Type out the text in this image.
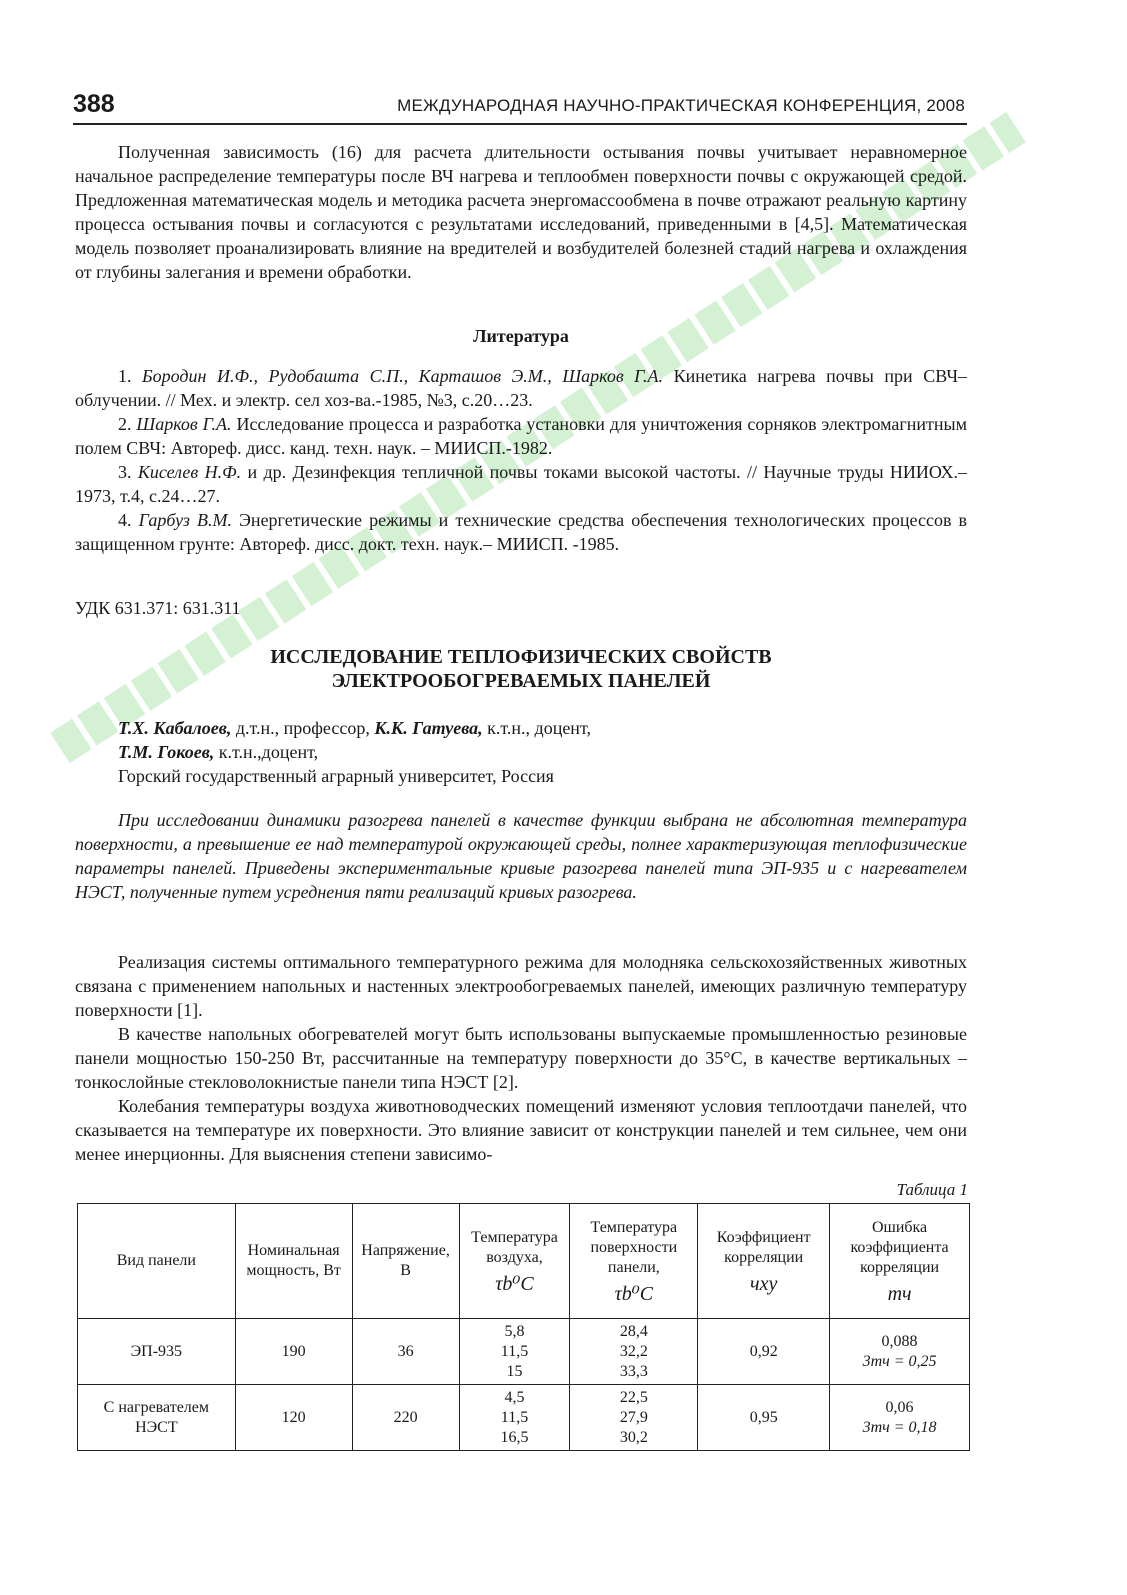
388	МЕЖДУНАРОДНАЯ НАУЧНО-ПРАКТИЧЕСКАЯ КОНФЕРЕНЦИЯ, 2008

Полученная зависимость (16) для расчета длительности остывания почвы учитывает неравномерное начальное распределение температуры после ВЧ нагрева и теплообмен поверхности почвы с окружающей средой. Предложенная математическая модель и методика расчета энергомассообмена в почве отражают реальную картину процесса остывания почвы и согласуются с результатами исследований, приведенными в [4,5]. Математическая модель позволяет проанализировать влияние на вредителей и возбудителей болезней стадий нагрева и охлаждения от глубины залегания и времени обработки.

Литература

1. Бородин И.Ф., Рудобашта С.П., Карташов Э.М., Шарков Г.А. Кинетика нагрева почвы при СВЧ– облучении. // Мех. и электр. сел хоз-ва.-1985, №3, с.20…23.

2. Шарков Г.А. Исследование процесса и разработка установки для уничтожения сорняков электромагнитным полем СВЧ: Автореф. дисс. канд. техн. наук. – МИИСП.-1982.

3. Киселев Н.Ф. и др. Дезинфекция тепличной почвы токами высокой частоты. // Научные труды НИИОХ.– 1973, т.4, с.24…27.

4. Гарбуз В.М. Энергетические режимы и технические средства обеспечения технологических процессов в защищенном грунте: Автореф. дисс. докт. техн. наук.– МИИСП. -1985.

УДК 631.371: 631.311
ИССЛЕДОВАНИЕ ТЕПЛОФИЗИЧЕСКИХ СВОЙСТВ
ЭЛЕКТРООБОГРЕВАЕМЫХ ПАНЕЛЕЙ
Т.Х. Кабалоев, д.т.н., профессор, К.К. Гатуева, к.т.н., доцент,
Т.М. Гокоев, к.т.н.,доцент,
Горский государственный аграрный университет, Россия

При исследовании динамики разогрева панелей в качестве функции выбрана не абсолютная температура поверхности, а превышение ее над температурой окружающей среды, полнее характеризующая теплофизические параметры панелей. Приведены экспериментальные кривые разогрева панелей типа ЭП-935 и с нагревателем НЭСТ, полученные путем усреднения пяти реализаций кривых разогрева.

Реализация системы оптимального температурного режима для молодняка сельскохозяйственных животных связана с применением напольных и настенных электрообогреваемых панелей, имеющих различную температуру поверхности [1].

В качестве напольных обогревателей могут быть использованы выпускаемые промышленностью резиновые панели мощностью 150-250 Вт, рассчитанные на температуру поверхности до 35°С, в качестве вертикальных – тонкослойные стекловолокнистые панели типа НЭСТ [2].

Колебания температуры воздуха животноводческих помещений изменяют условия теплоотдачи панелей, что сказывается на температуре их поверхности. Это влияние зависит от конструкции панелей и тем сильнее, чем они менее инерционны. Для выяснения степени зависимо-

Таблица 1
Вид панели	Номинальная мощность, Вт	Напряжение, В	Температура воздуха,
τb⁰C	Температура поверхности панели,
τb⁰C	Коэффициент корреляции
чxy	Ошибка коэффициента корреляции
mч

ЭП-935	190	36	5,8
11,5
15	28,4
32,2
33,3	0,92	0,088
3mч = 0,25

С нагревателем НЭСТ	120	220	4,5
11,5
16,5	22,5
27,9
30,2	0,95	0,06
3mч = 0,18
